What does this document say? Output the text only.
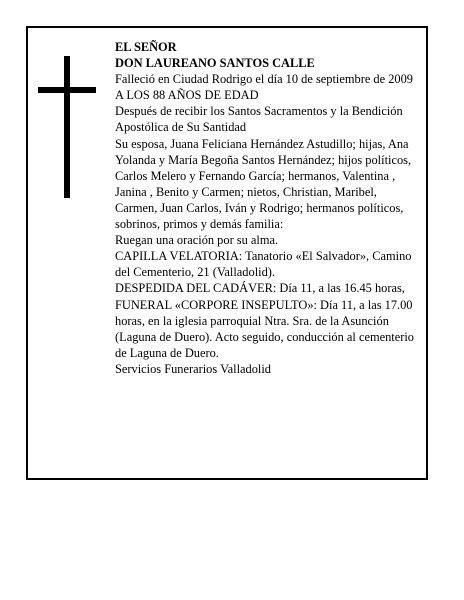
EL SEÑOR

DON LAUREANO SANTOS CALLE

Falleció en Ciudad Rodrigo el día 10 de septiembre de 2009

A LOS 88 AÑOS DE EDAD

Después de recibir los Santos Sacramentos y la Bendición Apostólica de Su Santidad

Su esposa, Juana Feliciana Hernández Astudillo; hijas, Ana Yolanda y María Begoña Santos Hernández; hijos políticos, Carlos Melero y Fernando García; hermanos, Valentina , Janina , Benito y Carmen; nietos, Christian, Maribel, Carmen, Juan Carlos, Iván y Rodrigo; hermanos políticos, sobrinos, primos y demás familia:

Ruegan una oración por su alma.

CAPILLA VELATORIA: Tanatorio «El Salvador», Camino del Cementerio, 21 (Valladolid).

DESPEDIDA DEL CADÁVER: Día 11, a las 16.45 horas,

FUNERAL «CORPORE INSEPULTO»: Día 11, a las 17.00 horas, en la iglesia parroquial Ntra. Sra. de la Asunción (Laguna de Duero). Acto seguido, conducción al cementerio de Laguna de Duero.

Servicios Funerarios Valladolid
